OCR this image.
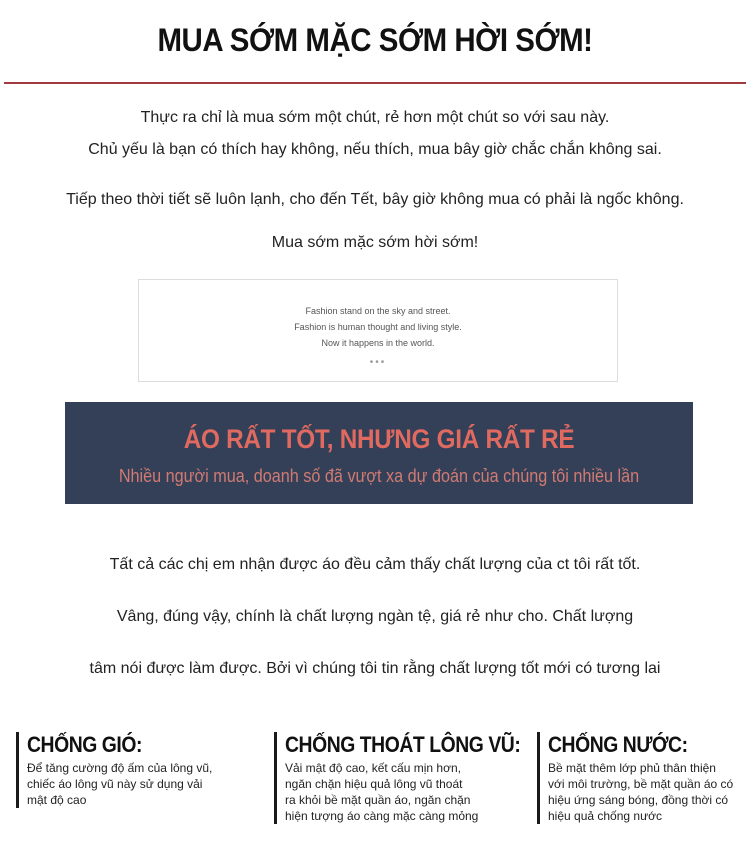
MUA SỚM MẶC SỚM HỜI SỚM!
Thực ra chỉ là mua sớm một chút, rẻ hơn một chút so với sau này.
Chủ yếu là bạn có thích hay không, nếu thích, mua bây giờ chắc chắn không sai.
Tiếp theo thời tiết sẽ luôn lạnh, cho đến Tết, bây giờ không mua có phải là ngốc không.
Mua sớm mặc sớm hời sớm!
Fashion stand on the sky and street.
Fashion is human thought and living style.
Now it happens in the world.
•••
ÁO RẤT TỐT, NHƯNG GIÁ RẤT RẺ
Nhiều người mua, doanh số đã vượt xa dự đoán của chúng tôi nhiều lần
Tất cả các chị em nhận được áo đều cảm thấy chất lượng của ct tôi rất tốt.
Vâng, đúng vậy, chính là chất lượng ngàn tệ, giá rẻ như cho. Chất lượng
tâm nói được làm được. Bởi vì chúng tôi tin rằng chất lượng tốt mới có tương lai
CHỐNG GIÓ:
Để tăng cường độ ấm của lông vũ,
chiếc áo lông vũ này sử dụng vải
mật độ cao
CHỐNG THOÁT LÔNG VŨ:
Vải mật độ cao, kết cấu mịn hơn,
ngăn chặn hiệu quả lông vũ thoát
ra khỏi bề mặt quần áo, ngăn chặn
hiện tượng áo càng mặc càng mỏng
CHỐNG NƯỚC:
Bề mặt thêm lớp phủ thân thiện
với môi trường, bề mặt quần áo có
hiệu ứng sáng bóng, đồng thời có
hiệu quả chống nước
